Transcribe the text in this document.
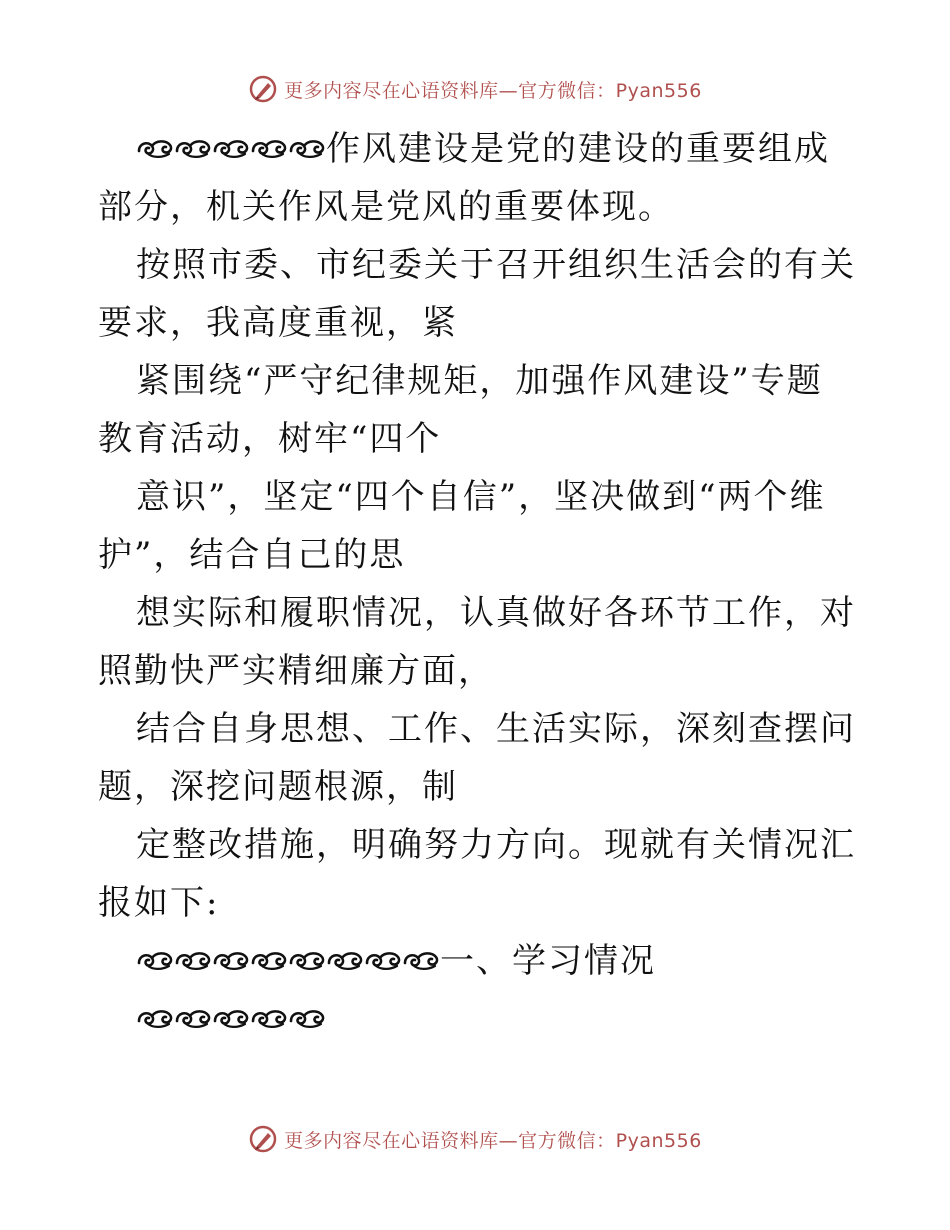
更多内容尽在心语资料库—官方微信：Pyan556

作风建设是党的建设的重要组成部分，机关作风是党风的重要体现。

按照市委、市纪委关于召开组织生活会的有关要求，我高度重视，紧

紧围绕“严守纪律规矩，加强作风建设”专题教育活动，树牢“四个

意识”，坚定“四个自信”，坚决做到“两个维护”，结合自己的思

想实际和履职情况，认真做好各环节工作，对照勤快严实精细廉方面，

结合自身思想、工作、生活实际，深刻查摆问题，深挖问题根源，制

定整改措施，明确努力方向。现就有关情况汇报如下:

一、学习情况

更多内容尽在心语资料库—官方微信：Pyan556
